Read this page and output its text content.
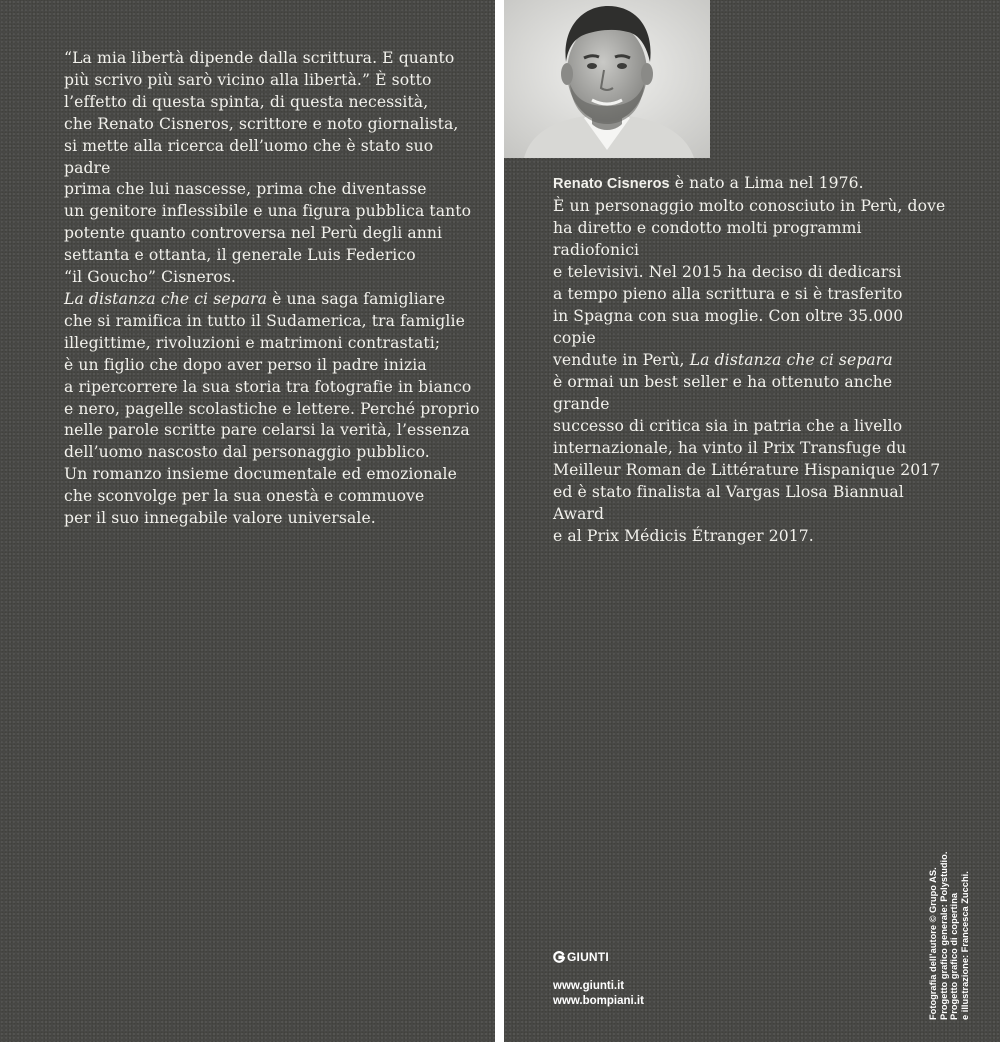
“La mia libertà dipende dalla scrittura. E quanto

più scrivo più sarò vicino alla libertà.” È sotto

l’effetto di questa spinta, di questa necessità,

che Renato Cisneros, scrittore e noto giornalista,

si mette alla ricerca dell’uomo che è stato suo padre

prima che lui nascesse, prima che diventasse

un genitore inflessibile e una figura pubblica tanto

potente quanto controversa nel Perù degli anni

settanta e ottanta, il generale Luis Federico

“il Goucho” Cisneros.

La distanza che ci separa è una saga famigliare

che si ramifica in tutto il Sudamerica, tra famiglie

illegittime, rivoluzioni e matrimoni contrastati;

è un figlio che dopo aver perso il padre inizia

a ripercorrere la sua storia tra fotografie in bianco

e nero, pagelle scolastiche e lettere. Perché proprio

nelle parole scritte pare celarsi la verità, l’essenza

dell’uomo nascosto dal personaggio pubblico.

Un romanzo insieme documentale ed emozionale

che sconvolge per la sua onestà e commuove

per il suo innegabile valore universale.

Renato Cisneros è nato a Lima nel 1976.

È un personaggio molto conosciuto in Perù, dove

ha diretto e condotto molti programmi radiofonici

e televisivi. Nel 2015 ha deciso di dedicarsi

a tempo pieno alla scrittura e si è trasferito

in Spagna con sua moglie. Con oltre 35.000 copie

vendute in Perù, La distanza che ci separa

è ormai un best seller e ha ottenuto anche grande

successo di critica sia in patria che a livello

internazionale, ha vinto il Prix Transfuge du

Meilleur Roman de Littérature Hispanique 2017

ed è stato finalista al Vargas Llosa Biannual Award

e al Prix Médicis Étranger 2017.

GIUNTI
www.giunti.it
www.bompiani.it	Fotografia dell’autore © Grupo AS. Progetto grafico generale: Polystudio. Progetto grafico di copertina e illustrazione: Francesca Zucchi.
